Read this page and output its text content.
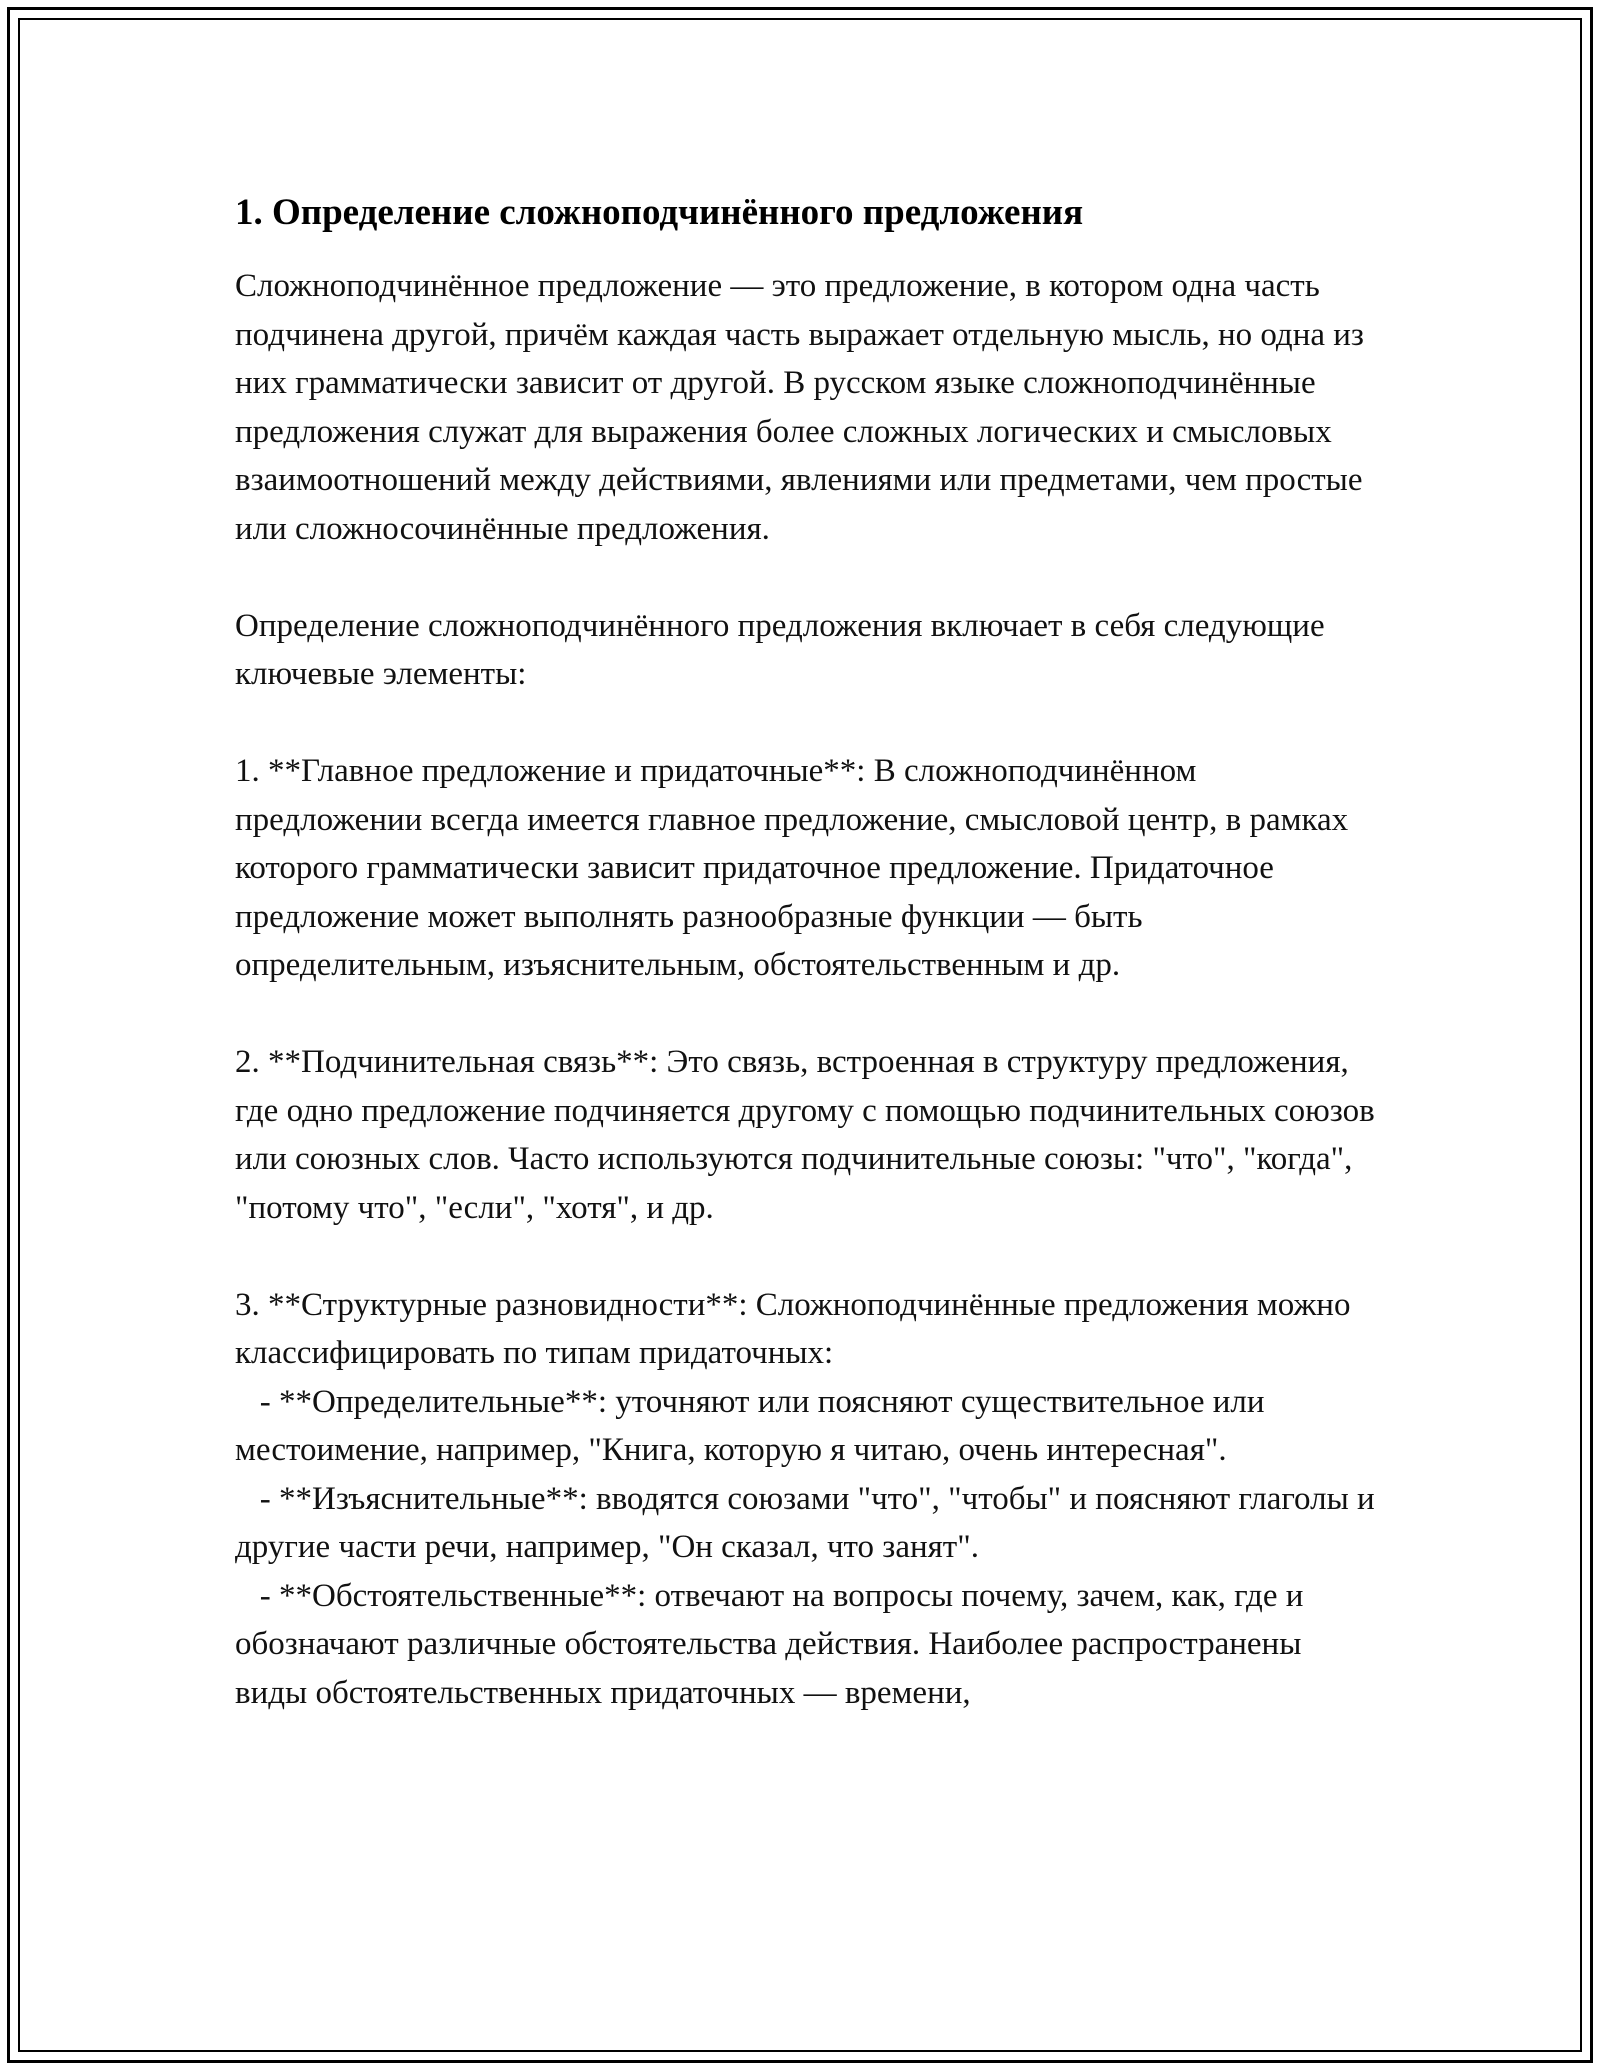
1. Определение сложноподчинённого предложения

Сложноподчинённое предложение — это предложение, в котором одна часть подчинена другой, причём каждая часть выражает отдельную мысль, но одна из них грамматически зависит от другой. В русском языке сложноподчинённые предложения служат для выражения более сложных логических и смысловых взаимоотношений между действиями, явлениями или предметами, чем простые или сложносочинённые предложения.

Определение сложноподчинённого предложения включает в себя следующие ключевые элементы:

1. **Главное предложение и придаточные**: В сложноподчинённом предложении всегда имеется главное предложение, смысловой центр, в рамках которого грамматически зависит придаточное предложение. Придаточное предложение может выполнять разнообразные функции — быть определительным, изъяснительным, обстоятельственным и др.

2. **Подчинительная связь**: Это связь, встроенная в структуру предложения, где одно предложение подчиняется другому с помощью подчинительных союзов или союзных слов. Часто используются подчинительные союзы: "что", "когда", "потому что", "если", "хотя", и др.

3. **Структурные разновидности**: Сложноподчинённые предложения можно классифицировать по типам придаточных:
- **Определительные**: уточняют или поясняют существительное или местоимение, например, "Книга, которую я читаю, очень интересная".
- **Изъяснительные**: вводятся союзами "что", "чтобы" и поясняют глаголы и другие части речи, например, "Он сказал, что занят".
- **Обстоятельственные**: отвечают на вопросы почему, зачем, как, где и обозначают различные обстоятельства действия. Наиболее распространены виды обстоятельственных придаточных — времени,
